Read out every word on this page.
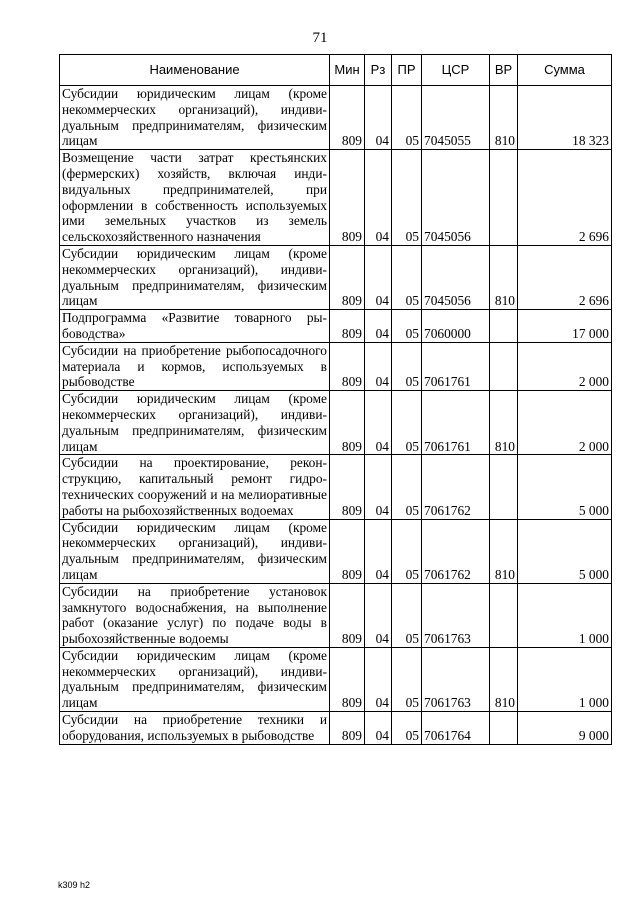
71
Наименование	Мин	Рз	ПР	ЦСР	ВР	Сумма
Субсидии юридическим лицам (кроме некоммерческих организаций), индивидуальным предпринимателям, физическим лицам	809	04	05	7045055	810	18 323
Возмещение части затрат крестьянских (фермерских) хозяйств, включая индивидуальных предпринимателей, при оформлении в собственность используемых ими земельных участков из земель сельскохозяйственного назначения	809	04	05	7045056		2 696
Субсидии юридическим лицам (кроме некоммерческих организаций), индивидуальным предпринимателям, физическим лицам	809	04	05	7045056	810	2 696
Подпрограмма «Развитие товарного рыбоводства»	809	04	05	7060000		17 000
Субсидии на приобретение рыбопосадочного материала и кормов, используемых в рыбоводстве	809	04	05	7061761		2 000
Субсидии юридическим лицам (кроме некоммерческих организаций), индивидуальным предпринимателям, физическим лицам	809	04	05	7061761	810	2 000
Субсидии на проектирование, реконструкцию, капитальный ремонт гидротехнических сооружений и на мелиоративные работы на рыбохозяйственных водоемах	809	04	05	7061762		5 000
Субсидии юридическим лицам (кроме некоммерческих организаций), индивидуальным предпринимателям, физическим лицам	809	04	05	7061762	810	5 000
Субсидии на приобретение установок замкнутого водоснабжения, на выполнение работ (оказание услуг) по подаче воды в рыбохозяйственные водоемы	809	04	05	7061763		1 000
Субсидии юридическим лицам (кроме некоммерческих организаций), индивидуальным предпринимателям, физическим лицам	809	04	05	7061763	810	1 000
Субсидии на приобретение техники и оборудования, используемых в рыбоводстве	809	04	05	7061764		9 000
k309 h2
